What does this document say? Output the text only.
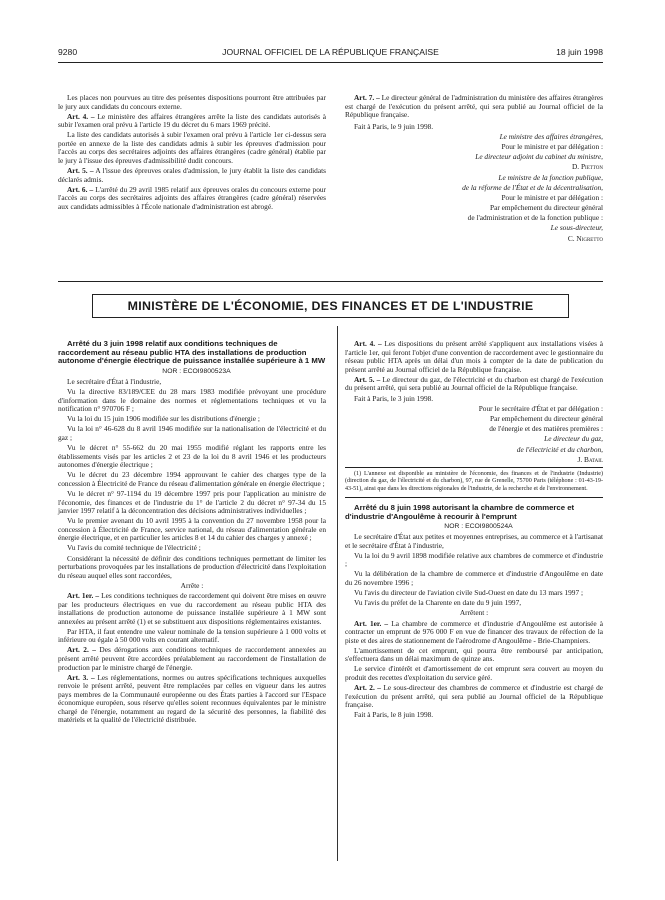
9280	JOURNAL OFFICIEL DE LA RÉPUBLIQUE FRANÇAISE	18 juin 1998

Les places non pourvues au titre des présentes dispositions pourront être attribuées par le jury aux candidats du concours externe.

Art. 4. – Le ministère des affaires étrangères arrête la liste des candidats autorisés à subir l'examen oral prévu à l'article 19 du décret du 6 mars 1969 précité.

La liste des candidats autorisés à subir l'examen oral prévu à l'article 1er ci-dessus sera portée en annexe de la liste des candidats admis à subir les épreuves d'admission pour l'accès au corps des secrétaires adjoints des affaires étrangères (cadre général) établie par le jury à l'issue des épreuves d'admissibilité dudit concours.

Art. 5. – A l'issue des épreuves orales d'admission, le jury établit la liste des candidats déclarés admis.

Art. 6. – L'arrêté du 29 avril 1985 relatif aux épreuves orales du concours externe pour l'accès au corps des secrétaires adjoints des affaires étrangères (cadre général) réservées aux candidats admissibles à l'École nationale d'administration est abrogé.

Art. 7. – Le directeur général de l'administration du ministère des affaires étrangères est chargé de l'exécution du présent arrêté, qui sera publié au Journal officiel de la République française.

Fait à Paris, le 9 juin 1998.

Le ministre des affaires étrangères,

Pour le ministre et par délégation :

Le directeur adjoint du cabinet du ministre,

D. Pietton

Le ministre de la fonction publique,

de la réforme de l'État et de la décentralisation,

Pour le ministre et par délégation :

Par empêchement du directeur général

de l'administration et de la fonction publique :

Le sous-directeur,

C. Nigretto

MINISTÈRE DE L'ÉCONOMIE, DES FINANCES ET DE L'INDUSTRIE

Arrêté du 3 juin 1998 relatif aux conditions techniques de raccordement au réseau public HTA des installations de production autonome d'énergie électrique de puissance installée supérieure à 1 MW

NOR : ECOI9800523A

Le secrétaire d'État à l'industrie,

Vu la directive 83/189/CEE du 28 mars 1983 modifiée prévoyant une procédure d'information dans le domaine des normes et réglementations techniques et vu la notification n° 970706 F ;

Vu la loi du 15 juin 1906 modifiée sur les distributions d'énergie ;

Vu la loi n° 46-628 du 8 avril 1946 modifiée sur la nationalisation de l'électricité et du gaz ;

Vu le décret n° 55-662 du 20 mai 1955 modifié réglant les rapports entre les établissements visés par les articles 2 et 23 de la loi du 8 avril 1946 et les producteurs autonomes d'énergie électrique ;

Vu le décret du 23 décembre 1994 approuvant le cahier des charges type de la concession à Électricité de France du réseau d'alimentation générale en énergie électrique ;

Vu le décret n° 97-1194 du 19 décembre 1997 pris pour l'application au ministre de l'économie, des finances et de l'industrie du 1° de l'article 2 du décret n° 97-34 du 15 janvier 1997 relatif à la déconcentration des décisions administratives individuelles ;

Vu le premier avenant du 10 avril 1995 à la convention du 27 novembre 1958 pour la concession à Électricité de France, service national, du réseau d'alimentation générale en énergie électrique, et en particulier les articles 8 et 14 du cahier des charges y annexé ;

Vu l'avis du comité technique de l'électricité ;

Considérant la nécessité de définir des conditions techniques permettant de limiter les perturbations provoquées par les installations de production d'électricité dans l'exploitation du réseau auquel elles sont raccordées,

Arrête :

Art. 1er. – Les conditions techniques de raccordement qui doivent être mises en œuvre par les producteurs électriques en vue du raccordement au réseau public HTA des installations de production autonome de puissance installée supérieure à 1 MW sont annexées au présent arrêté (1) et se substituent aux dispositions réglementaires existantes.

Par HTA, il faut entendre une valeur nominale de la tension supérieure à 1 000 volts et inférieure ou égale à 50 000 volts en courant alternatif.

Art. 2. – Des dérogations aux conditions techniques de raccordement annexées au présent arrêté peuvent être accordées préalablement au raccordement de l'installation de production par le ministre chargé de l'énergie.

Art. 3. – Les réglementations, normes ou autres spécifications techniques auxquelles renvoie le présent arrêté, peuvent être remplacées par celles en vigueur dans les autres pays membres de la Communauté européenne ou des États parties à l'accord sur l'Espace économique européen, sous réserve qu'elles soient reconnues équivalentes par le ministre chargé de l'énergie, notamment au regard de la sécurité des personnes, la fiabilité des matériels et la qualité de l'électricité distribuée.

Art. 4. – Les dispositions du présent arrêté s'appliquent aux installations visées à l'article 1er, qui feront l'objet d'une convention de raccordement avec le gestionnaire du réseau public HTA après un délai d'un mois à compter de la date de publication du présent arrêté au Journal officiel de la République française.

Art. 5. – Le directeur du gaz, de l'électricité et du charbon est chargé de l'exécution du présent arrêté, qui sera publié au Journal officiel de la République française.

Fait à Paris, le 3 juin 1998.

Pour le secrétaire d'État et par délégation :

Par empêchement du directeur général

de l'énergie et des matières premières :

Le directeur du gaz,

de l'électricité et du charbon,

J. Batail

(1) L'annexe est disponible au ministère de l'économie, des finances et de l'industrie (Industrie) (direction du gaz, de l'électricité et du charbon), 97, rue de Grenelle, 75700 Paris (téléphone : 01-43-19-43-51), ainsi que dans les directions régionales de l'industrie, de la recherche et de l'environnement.

Arrêté du 8 juin 1998 autorisant la chambre de commerce et d'industrie d'Angoulême à recourir à l'emprunt

NOR : ECOI9800524A

Le secrétaire d'État aux petites et moyennes entreprises, au commerce et à l'artisanat et le secrétaire d'État à l'industrie,

Vu la loi du 9 avril 1898 modifiée relative aux chambres de commerce et d'industrie ;

Vu la délibération de la chambre de commerce et d'industrie d'Angoulême en date du 26 novembre 1996 ;

Vu l'avis du directeur de l'aviation civile Sud-Ouest en date du 13 mars 1997 ;

Vu l'avis du préfet de la Charente en date du 9 juin 1997,

Arrêtent :

Art. 1er. – La chambre de commerce et d'industrie d'Angoulême est autorisée à contracter un emprunt de 976 000 F en vue de financer des travaux de réfection de la piste et des aires de stationnement de l'aérodrome d'Angoulême - Brie-Champniers.

L'amortissement de cet emprunt, qui pourra être remboursé par anticipation, s'effectuera dans un délai maximum de quinze ans.

Le service d'intérêt et d'amortissement de cet emprunt sera couvert au moyen du produit des recettes d'exploitation du service géré.

Art. 2. – Le sous-directeur des chambres de commerce et d'industrie est chargé de l'exécution du présent arrêté, qui sera publié au Journal officiel de la République française.

Fait à Paris, le 8 juin 1998.
